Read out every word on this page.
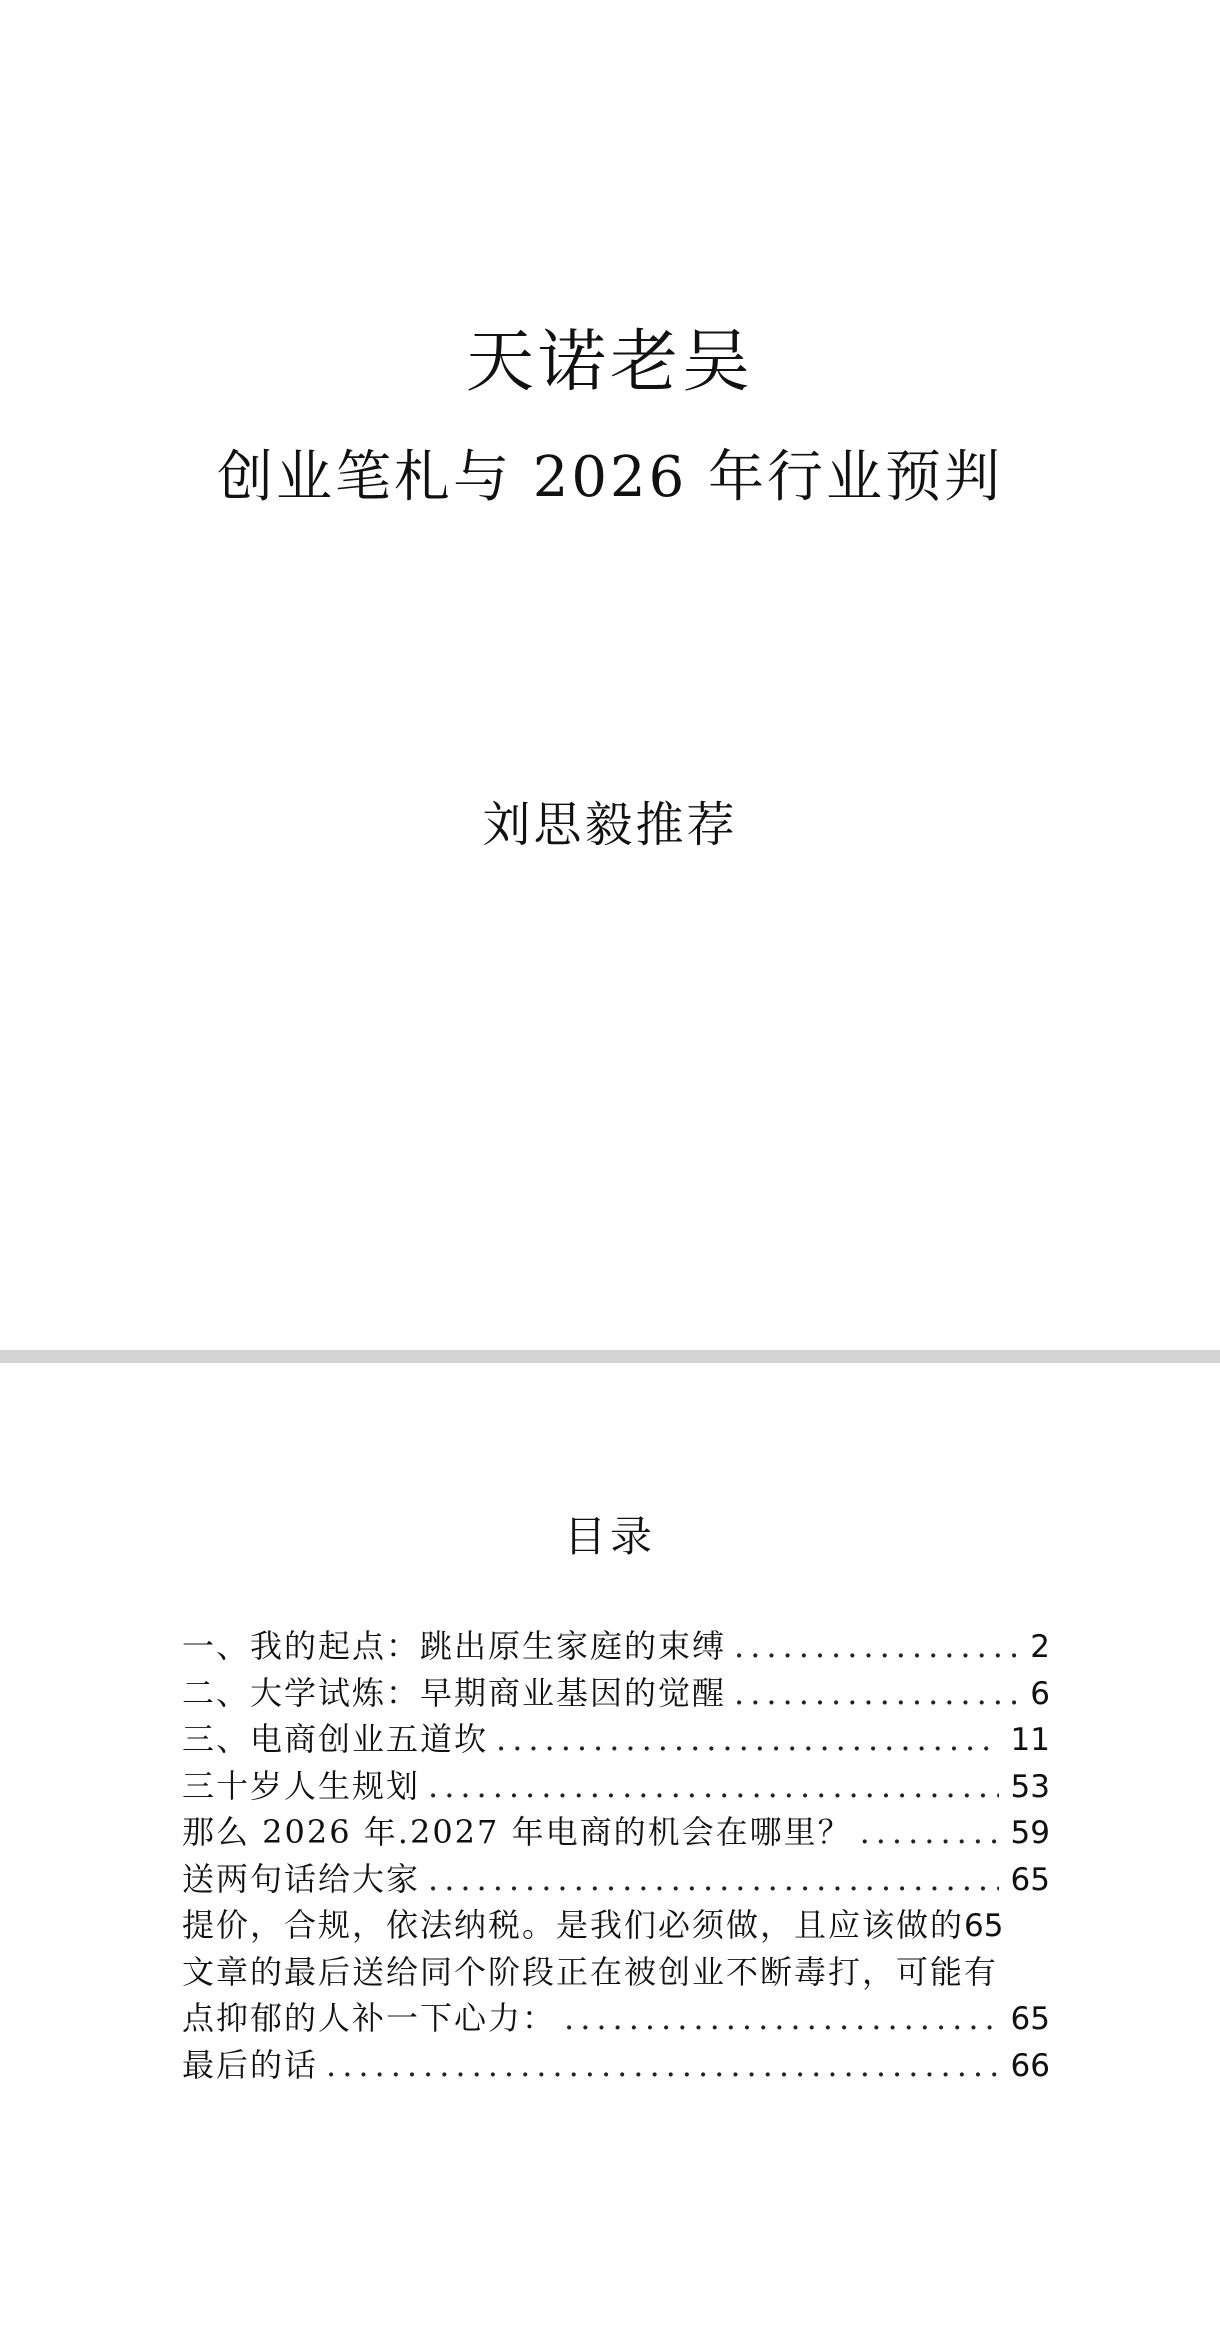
天诺老吴
创业笔札与 2026 年行业预判
刘思毅推荐
目录
一、我的起点：跳出原生家庭的束缚 .....	2
二、大学试炼：早期商业基因的觉醒 .....	6
三、电商创业五道坎 .....	11
三十岁人生规划 .....	53
那么 2026 年.2027 年电商的机会在哪里？ .....	59
送两句话给大家 .....	65
提价，合规，依法纳税。是我们必须做，且应该做的65
文章的最后送给同个阶段正在被创业不断毒打，可能有
点抑郁的人补一下心力： .....	65
最后的话 .....	66
